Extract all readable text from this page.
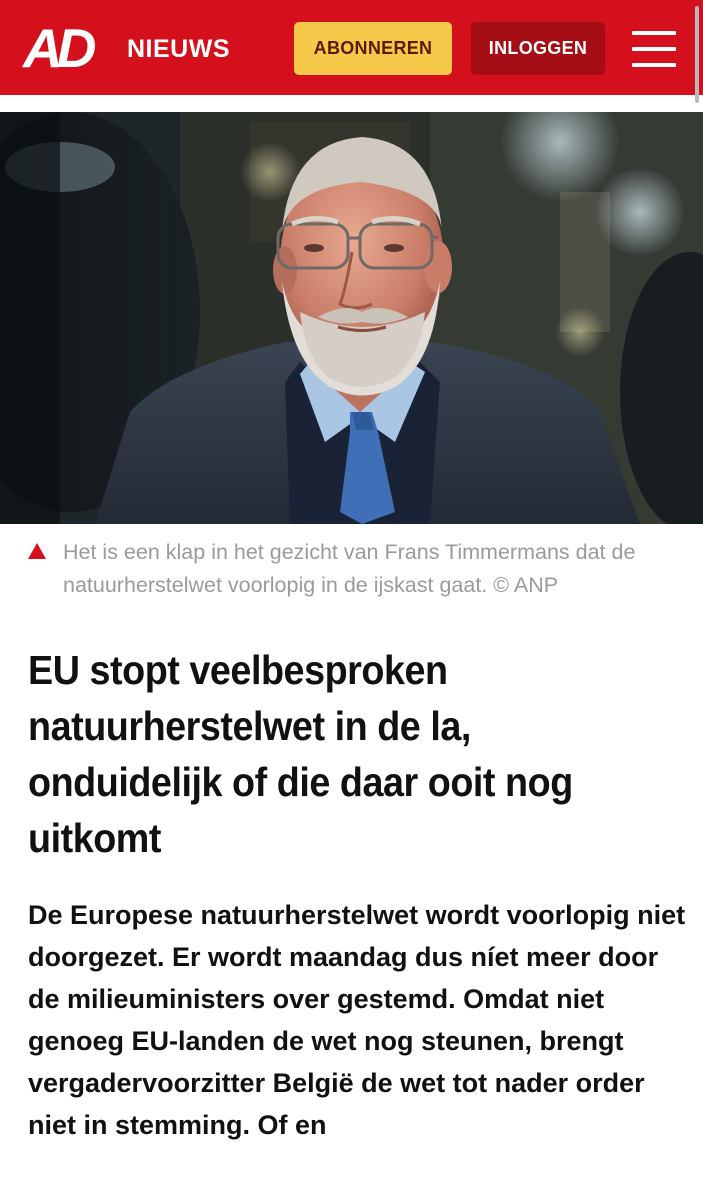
AD	NIEUWS	ABONNEREN	INLOGGEN
Het is een klap in het gezicht van Frans Timmermans dat de natuurherstelwet voorlopig in de ijskast gaat. © ANP
EU stopt veelbesproken natuurherstelwet in de la, onduidelijk of die daar ooit nog uitkomt

De Europese natuurherstelwet wordt voorlopig niet doorgezet. Er wordt maandag dus níet meer door de milieuministers over gestemd. Omdat niet genoeg EU-landen de wet nog steunen, brengt vergadervoorzitter België de wet tot nader order niet in stemming. Of en
